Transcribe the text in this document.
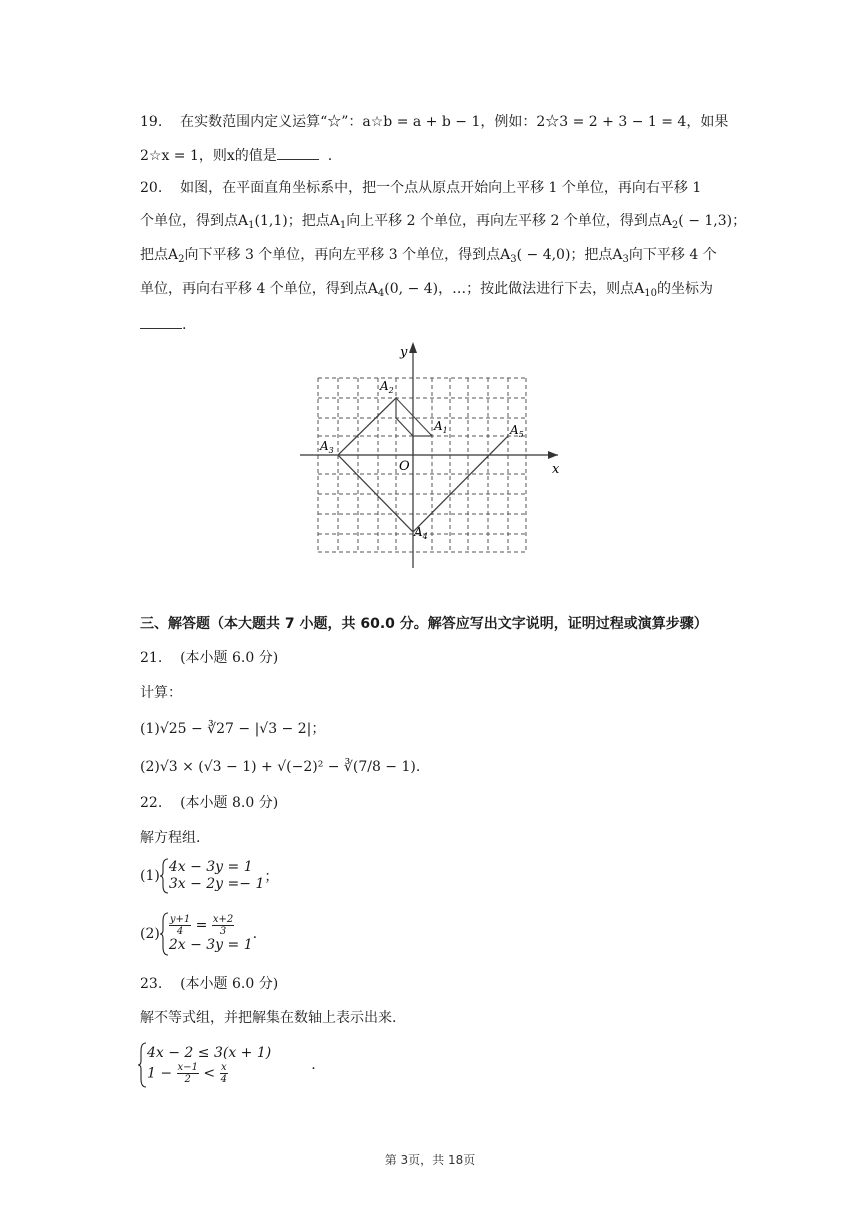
19. 在实数范围内定义运算“☆”：a☆b = a + b − 1，例如：2☆3 = 2 + 3 − 1 = 4，如果
2☆x = 1，则x的值是	.
20. 如图，在平面直角坐标系中，把一个点从原点开始向上平移 1 个单位，再向右平移 1
个单位，得到点$A_1(1,1)$；把点$A_1$向上平移 2 个单位，再向左平移 2 个单位，得到点$A_2( - 1,3)$；
把点$A_2$向下平移 3 个单位，再向左平移 3 个单位，得到点$A_3( - 4,0)$；把点$A_3$向下平移 4 个
单位，再向右平移 4 个单位，得到点$A_4(0$, − 4)，…；按此做法进行下去，则点$A_{10}$的坐标为
.
y
x
O
$A_1$
$A_2$
$A_3$
$A_4$
$A_5$
三、解答题（本大题共 7 小题，共 60.0 分。解答应写出文字说明，证明过程或演算步骤）
21. (本小题 6.0 分)
计算：
(1)√25 − ∛27 − |√3 − 2|；
(2)√3 × (√3 − 1) + √(−2)² − ∛(7/8 − 1).
22. (本小题 8.0 分)
解方程组.
(1)
4x − 3y = 1
3x − 2y =− 1 ；
$(2) \frac{y+1}{4} = \frac{x+2}{3}$
2x − 3y = 1
.
23. (本小题 6.0 分)
解不等式组，并把解集在数轴上表示出来.
4x − 2 ≤ 3(x + 1)
$1 - \frac{x-1}{2} < \frac{x}{4}$	.
第 3页，共 18页
